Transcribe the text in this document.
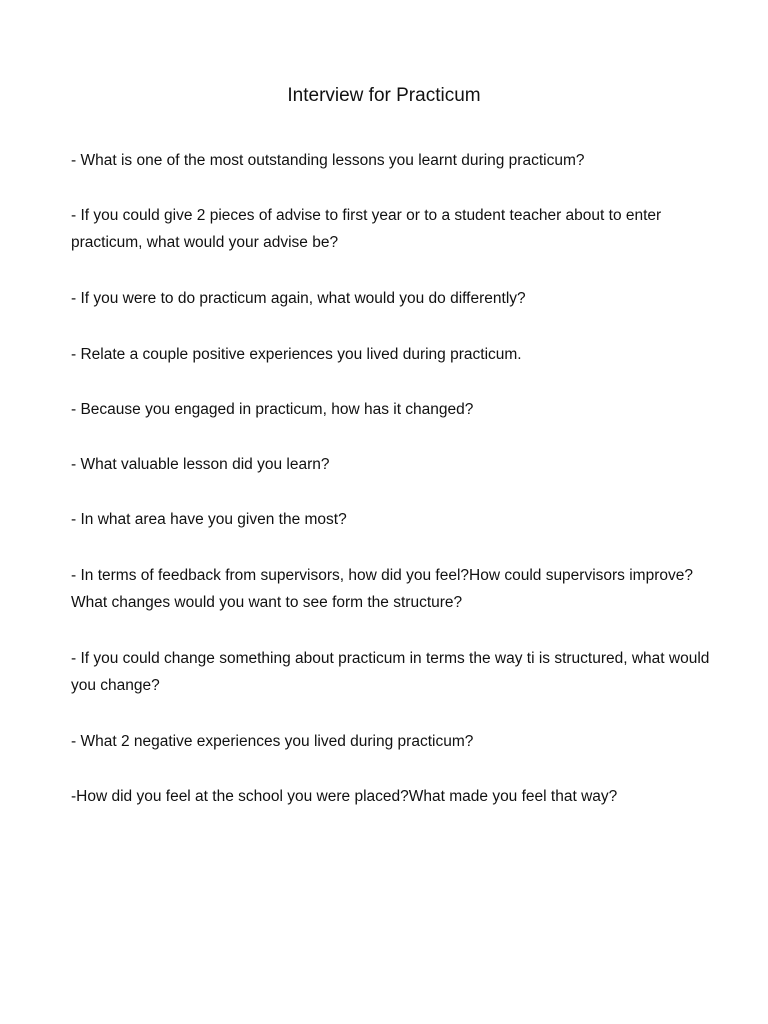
Interview for Practicum

- What is one of the most outstanding lessons you learnt during practicum?

- If you could give 2 pieces of advise to first year or to a student teacher about to enter practicum, what would your advise be?

- If you were to do practicum again, what would you do differently?

- Relate a couple positive experiences you lived during practicum.

- Because you engaged in practicum, how has it changed?

- What valuable lesson did you learn?

- In what area have you given the most?

- In terms of feedback from supervisors, how did you feel?How could supervisors improve?What changes would you want to see form the structure?

- If you could change something about practicum in terms the way ti is structured, what would you change?

- What 2 negative experiences you lived during practicum?

-How did you feel at the school you were placed?What made you feel that way?
